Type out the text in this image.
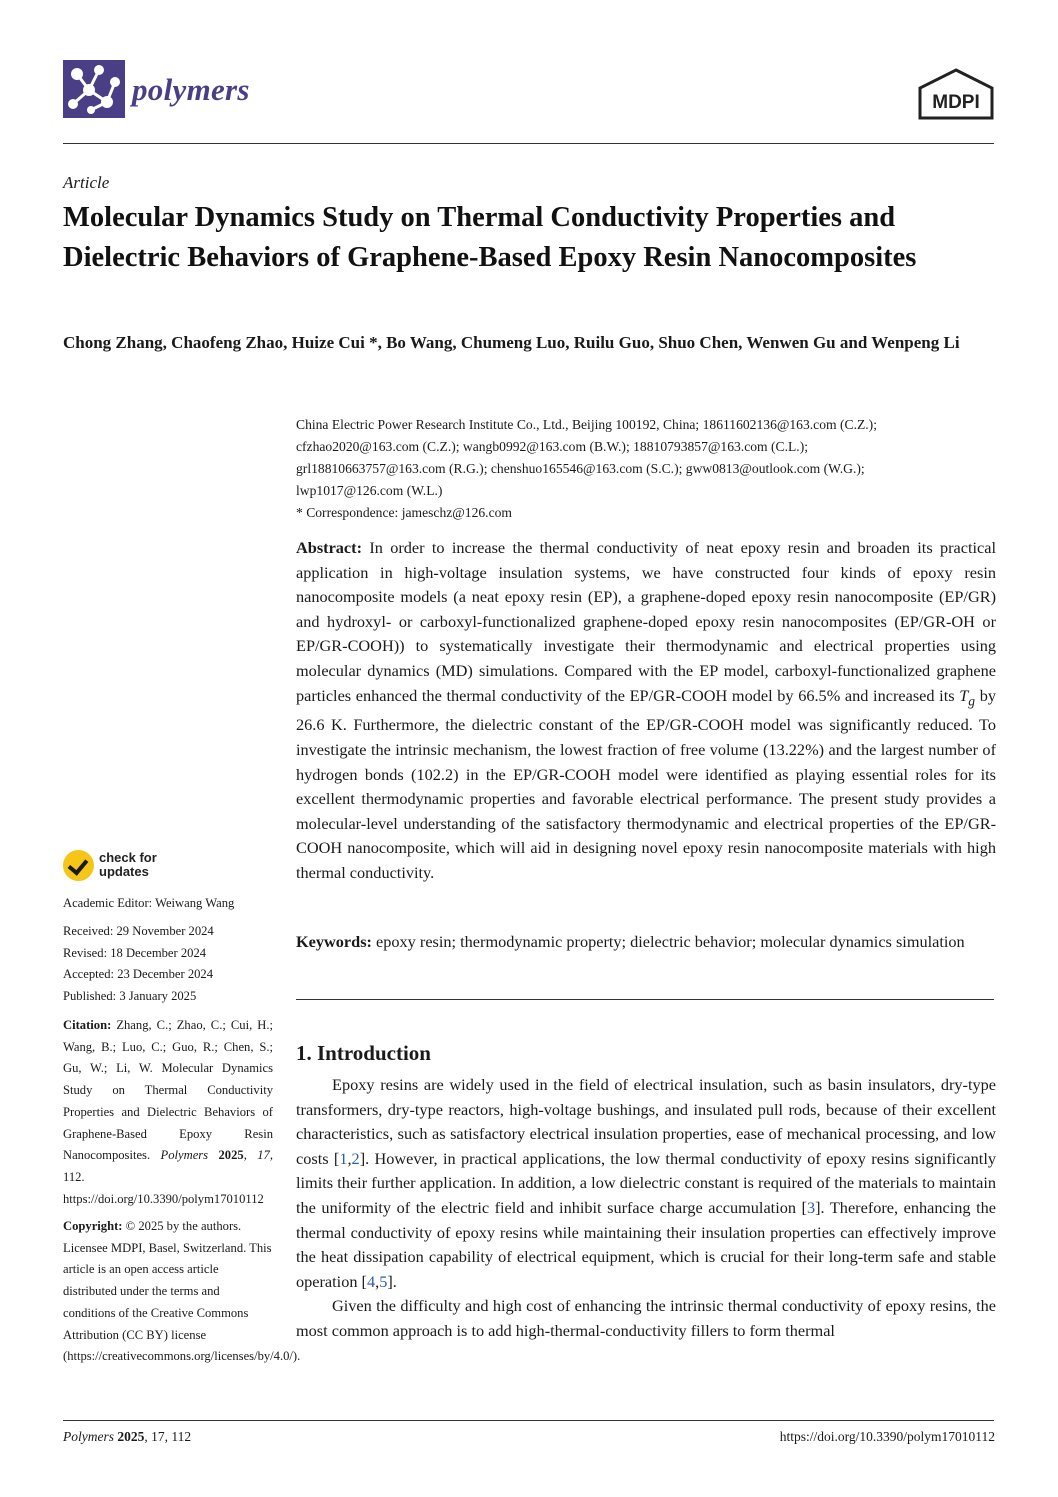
polymers	MDPI
Article
Molecular Dynamics Study on Thermal Conductivity Properties and Dielectric Behaviors of Graphene-Based Epoxy Resin Nanocomposites
Chong Zhang, Chaofeng Zhao, Huize Cui *, Bo Wang, Chumeng Luo, Ruilu Guo, Shuo Chen, Wenwen Gu and Wenpeng Li
China Electric Power Research Institute Co., Ltd., Beijing 100192, China; 18611602136@163.com (C.Z.);
cfzhao2020@163.com (C.Z.); wangb0992@163.com (B.W.); 18810793857@163.com (C.L.);
grl18810663757@163.com (R.G.); chenshuo165546@163.com (S.C.); gww0813@outlook.com (W.G.);
lwp1017@126.com (W.L.)
* Correspondence: jameschz@126.com
Abstract: In order to increase the thermal conductivity of neat epoxy resin and broaden its practical application in high-voltage insulation systems, we have constructed four kinds of epoxy resin nanocomposite models (a neat epoxy resin (EP), a graphene-doped epoxy resin nanocomposite (EP/GR) and hydroxyl- or carboxyl-functionalized graphene-doped epoxy resin nanocomposites (EP/GR-OH or EP/GR-COOH)) to systematically investigate their thermodynamic and electrical properties using molecular dynamics (MD) simulations. Compared with the EP model, carboxyl-functionalized graphene particles enhanced the thermal conductivity of the EP/GR-COOH model by 66.5% and increased its $T_g$ by 26.6 K. Furthermore, the dielectric constant of the EP/GR-COOH model was significantly reduced. To investigate the intrinsic mechanism, the lowest fraction of free volume (13.22%) and the largest number of hydrogen bonds (102.2) in the EP/GR-COOH model were identified as playing essential roles for its excellent thermodynamic properties and favorable electrical performance. The present study provides a molecular-level understanding of the satisfactory thermodynamic and electrical properties of the EP/GR-COOH nanocomposite, which will aid in designing novel epoxy resin nanocomposite materials with high thermal conductivity.
Keywords: epoxy resin; thermodynamic property; dielectric behavior; molecular dynamics simulation
1. Introduction

Epoxy resins are widely used in the field of electrical insulation, such as basin insulators, dry-type transformers, dry-type reactors, high-voltage bushings, and insulated pull rods, because of their excellent characteristics, such as satisfactory electrical insulation properties, ease of mechanical processing, and low costs [1,2]. However, in practical applications, the low thermal conductivity of epoxy resins significantly limits their further application. In addition, a low dielectric constant is required of the materials to maintain the uniformity of the electric field and inhibit surface charge accumulation [3]. Therefore, enhancing the thermal conductivity of epoxy resins while maintaining their insulation properties can effectively improve the heat dissipation capability of electrical equipment, which is crucial for their long-term safe and stable operation [4,5].

Given the difficulty and high cost of enhancing the intrinsic thermal conductivity of epoxy resins, the most common approach is to add high-thermal-conductivity fillers to form thermal

check for
updates
Academic Editor: Weiwang Wang
Received: 29 November 2024
Revised: 18 December 2024
Accepted: 23 December 2024
Published: 3 January 2025
Citation: Zhang, C.; Zhao, C.; Cui, H.; Wang, B.; Luo, C.; Guo, R.; Chen, S.; Gu, W.; Li, W. Molecular Dynamics Study on Thermal Conductivity Properties and Dielectric Behaviors of Graphene-Based Epoxy Resin Nanocomposites. Polymers 2025, 17, 112. https://doi.org/10.3390/polym17010112
Copyright: © 2025 by the authors. Licensee MDPI, Basel, Switzerland. This article is an open access article distributed under the terms and conditions of the Creative Commons Attribution (CC BY) license (https://creativecommons.org/licenses/by/4.0/).
Polymers 2025, 17, 112	https://doi.org/10.3390/polym17010112
